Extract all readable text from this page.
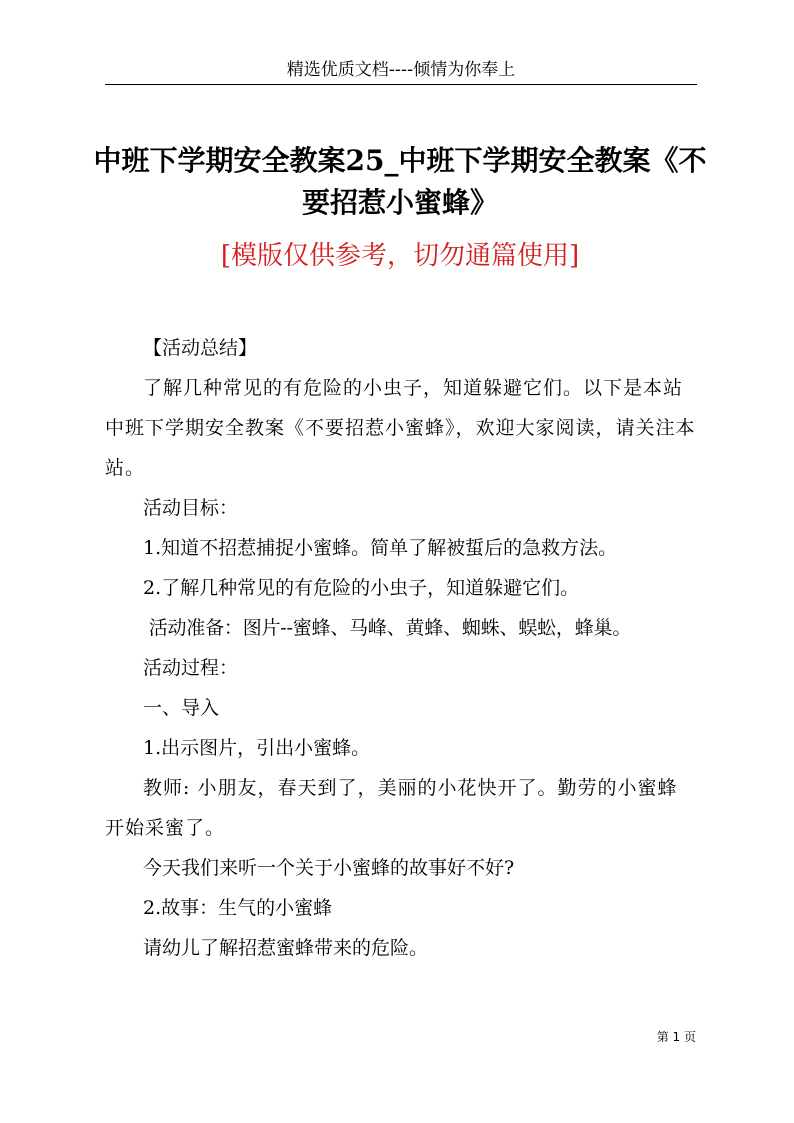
精选优质文档----倾情为你奉上
中班下学期安全教案25_中班下学期安全教案《不要招惹小蜜蜂》
[模版仅供参考，切勿通篇使用]

【活动总结】

了解几种常见的有危险的小虫子，知道躲避它们。以下是本站中班下学期安全教案《不要招惹小蜜蜂》，欢迎大家阅读，请关注本站。

活动目标：

1.知道不招惹捕捉小蜜蜂。简单了解被蜇后的急救方法。

2.了解几种常见的有危险的小虫子，知道躲避它们。

活动准备：图片--蜜蜂、马峰、黄蜂、蜘蛛、蜈蚣，蜂巢。

活动过程：

一、导入

1.出示图片，引出小蜜蜂。

教师: 小朋友，春天到了，美丽的小花快开了。勤劳的小蜜蜂开始采蜜了。

今天我们来听一个关于小蜜蜂的故事好不好?

2.故事：生气的小蜜蜂

请幼儿了解招惹蜜蜂带来的危险。

第 1 页
